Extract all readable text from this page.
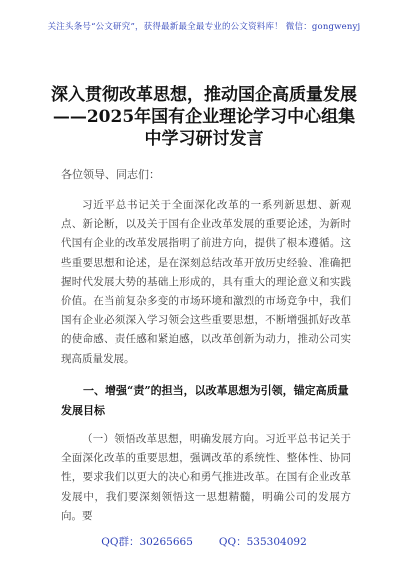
关注头条号“公文研究”，获得最新最全最专业的公文资料库！ 微信：gongwenyj
深入贯彻改革思想，推动国企高质量发展
——2025年国有企业理论学习中心组集
中学习研讨发言
各位领导、同志们：

习近平总书记关于全面深化改革的一系列新思想、新观点、新论断，以及关于国有企业改革发展的重要论述，为新时代国有企业的改革发展指明了前进方向，提供了根本遵循。这些重要思想和论述，是在深刻总结改革开放历史经验、准确把握时代发展大势的基础上形成的，具有重大的理论意义和实践价值。在当前复杂多变的市场环境和激烈的市场竞争中，我们国有企业必须深入学习领会这些重要思想，不断增强抓好改革的使命感、责任感和紧迫感，以改革创新为动力，推动公司实现高质量发展。

一、增强“责”的担当，以改革思想为引领，锚定高质量
发展目标

（一）领悟改革思想，明确发展方向。习近平总书记关于全面深化改革的重要思想，强调改革的系统性、整体性、协同性，要求我们以更大的决心和勇气推进改革。在国有企业改革发展中，我们要深刻领悟这一思想精髓，明确公司的发展方向。要

QQ群：30265665 QQ：535304092
